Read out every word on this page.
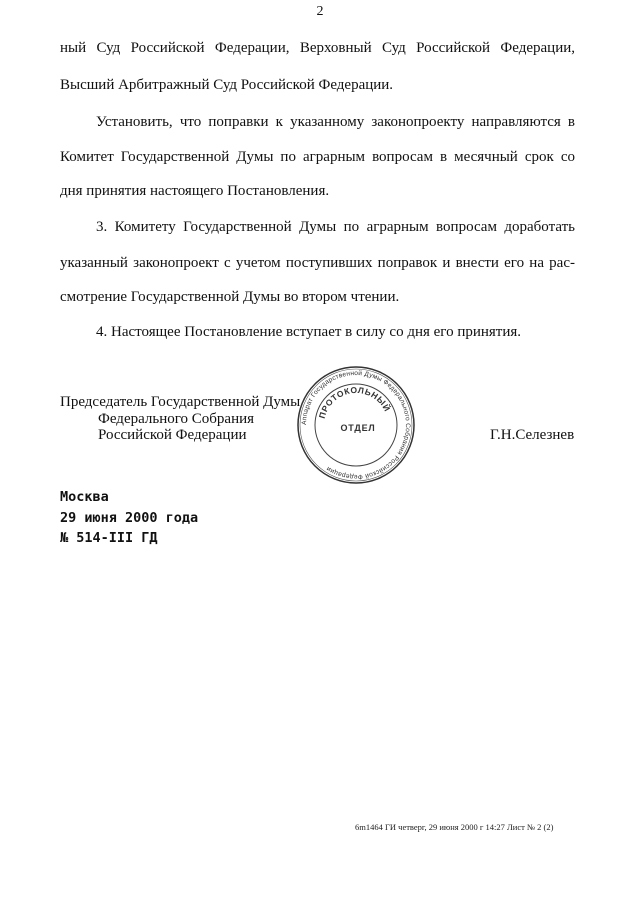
2
ный Суд Российской Федерации, Верховный Суд Российской Федерации,
Высший Арбитражный Суд Российской Федерации.
Установить, что поправки к указанному законопроекту направляются в
Комитет Государственной Думы по аграрным вопросам в месячный срок со
дня принятия настоящего Постановления.
3. Комитету Государственной Думы по аграрным вопросам доработать
указанный законопроект с учетом поступивших поправок и внести его на рас-
смотрение Государственной Думы во втором чтении.
4. Настоящее Постановление вступает в силу со дня его принятия.
Председатель Государственной Думы
Федерального Собрания
Российской Федерации	Г.Н.Селезнев
Аппарат Государственной Думы Федерального Собрания Российской Федерации
ПРОТОКОЛЬНЫЙ
ОТДЕЛ
Москва
29 июня 2000 года
№ 514-III ГД
6m1464 ГИ четверг, 29 июня 2000 г 14:27 Лист № 2 (2)
